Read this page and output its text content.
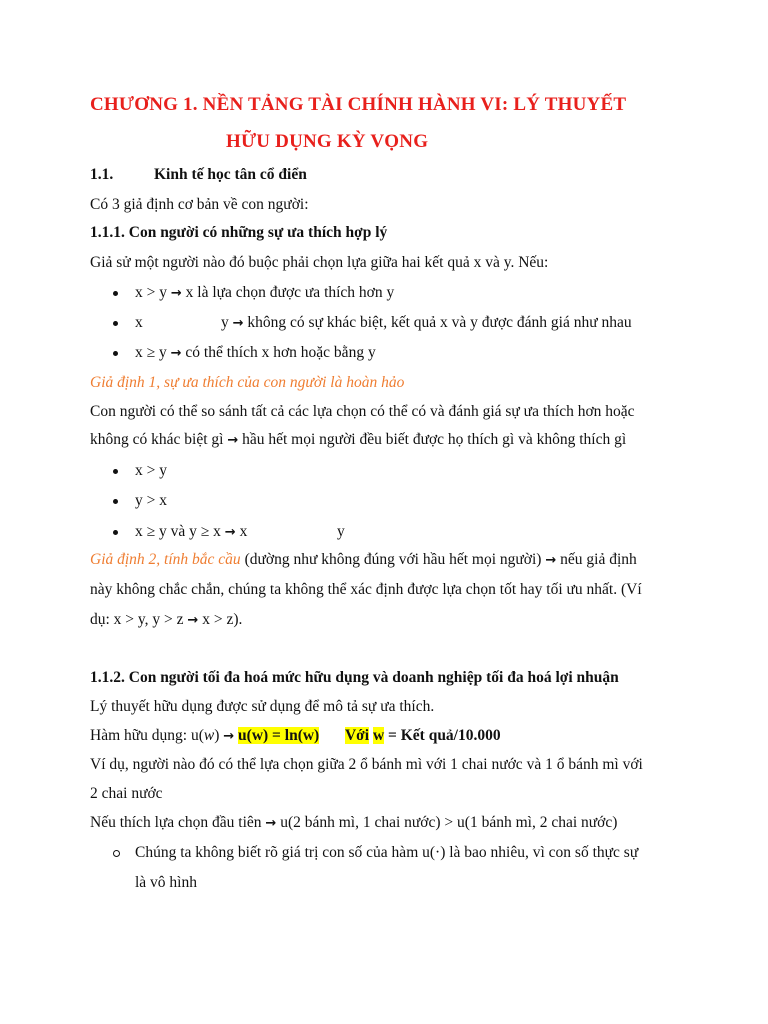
CHƯƠNG 1. NỀN TẢNG TÀI CHÍNH HÀNH VI: LÝ THUYẾT
HỮU DỤNG KỲ VỌNG
1.1.	Kinh tế học tân cổ điển
Có 3 giả định cơ bản về con người:
1.1.1. Con người có những sự ưa thích hợp lý
Giả sử một người nào đó buộc phải chọn lựa giữa hai kết quả x và y. Nếu:
x > y → x là lựa chọn được ưa thích hơn y
x	y → không có sự khác biệt, kết quả x và y được đánh giá như nhau
x ≥ y → có thể thích x hơn hoặc bằng y
Giả định 1, sự ưa thích của con người là hoàn hảo
Con người có thể so sánh tất cả các lựa chọn có thể có và đánh giá sự ưa thích hơn hoặc
không có khác biệt gì → hầu hết mọi người đều biết được họ thích gì và không thích gì
x > y
y > x
x ≥ y và y ≥ x → x	y
Giả định 2, tính bắc cầu (dường như không đúng với hầu hết mọi người) → nếu giả định
này không chắc chắn, chúng ta không thể xác định được lựa chọn tốt hay tối ưu nhất. (Ví
dụ: x > y, y > z → x > z).
1.1.2. Con người tối đa hoá mức hữu dụng và doanh nghiệp tối đa hoá lợi nhuận
Lý thuyết hữu dụng được sử dụng để mô tả sự ưa thích.
Hàm hữu dụng: u(w) → u(w) = ln(w) Với w = Kết quả/10.000
Ví dụ, người nào đó có thể lựa chọn giữa 2 ổ bánh mì với 1 chai nước và 1 ổ bánh mì với
2 chai nước
Nếu thích lựa chọn đầu tiên → u(2 bánh mì, 1 chai nước) > u(1 bánh mì, 2 chai nước)
Chúng ta không biết rõ giá trị con số của hàm u(·) là bao nhiêu, vì con số thực sự
là vô hình
